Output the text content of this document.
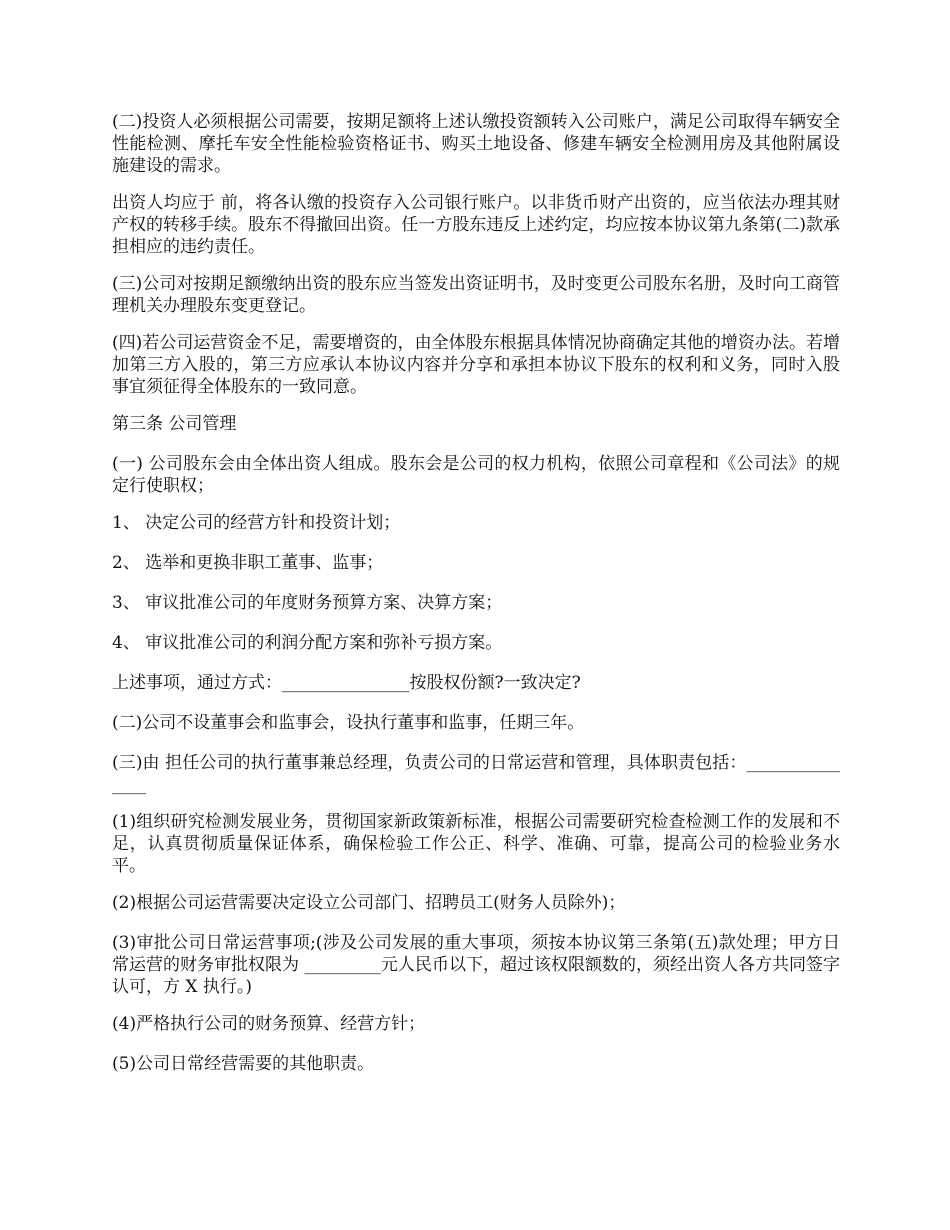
(二)投资人必须根据公司需要，按期足额将上述认缴投资额转入公司账户，满足公司取得车辆安全性能检测、摩托车安全性能检验资格证书、购买土地设备、修建车辆安全检测用房及其他附属设施建设的需求。

出资人均应于 前，将各认缴的投资存入公司银行账户。以非货币财产出资的，应当依法办理其财产权的转移手续。股东不得撤回出资。任一方股东违反上述约定，均应按本协议第九条第(二)款承担相应的违约责任。

(三)公司对按期足额缴纳出资的股东应当签发出资证明书，及时变更公司股东名册，及时向工商管理机关办理股东变更登记。

(四)若公司运营资金不足，需要增资的，由全体股东根据具体情况协商确定其他的增资办法。若增加第三方入股的，第三方应承认本协议内容并分享和承担本协议下股东的权利和义务，同时入股事宜须征得全体股东的一致同意。

第三条 公司管理

(一) 公司股东会由全体出资人组成。股东会是公司的权力机构，依照公司章程和《公司法》的规定行使职权；

1、 决定公司的经营方针和投资计划；

2、 选举和更换非职工董事、监事；

3、 审议批准公司的年度财务预算方案、决算方案；

4、 审议批准公司的利润分配方案和弥补亏损方案。

上述事项，通过方式：_______________按股权份额?一致决定?

(二)公司不设董事会和监事会，设执行董事和监事，任期三年。

(三)由 担任公司的执行董事兼总经理，负责公司的日常运营和管理，具体职责包括：_______________

(1)组织研究检测发展业务，贯彻国家新政策新标准，根据公司需要研究检查检测工作的发展和不足，认真贯彻质量保证体系，确保检验工作公正、科学、准确、可靠，提高公司的检验业务水平。

(2)根据公司运营需要决定设立公司部门、招聘员工(财务人员除外)；

(3)审批公司日常运营事项;(涉及公司发展的重大事项，须按本协议第三条第(五)款处理；甲方日常运营的财务审批权限为 _________元人民币以下，超过该权限额数的，须经出资人各方共同签字认可，方 X 执行。)

(4)严格执行公司的财务预算、经营方针；

(5)公司日常经营需要的其他职责。
